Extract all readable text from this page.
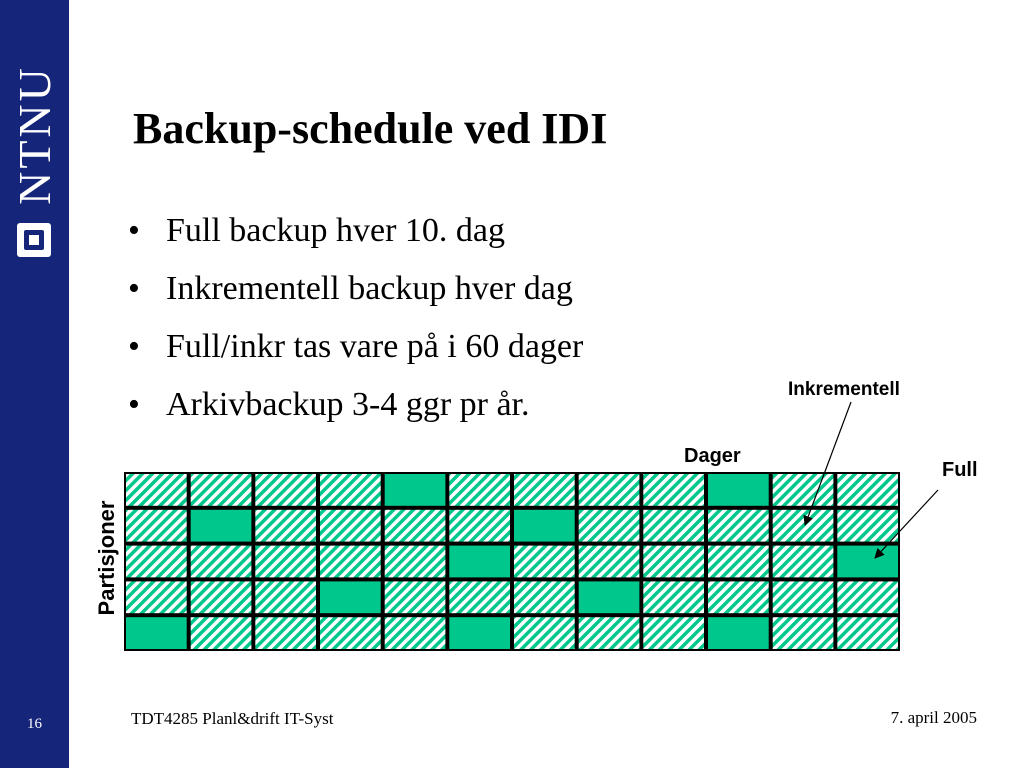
NTNU
16
Backup-schedule ved IDI
• Full backup hver 10. dag
• Inkrementell backup hver dag
• Full/inkr tas vare på i 60 dager
• Arkivbackup 3-4 ggr pr år.	Inkrementell
Full
Dager
Partisjoner
TDT4285 Planl&drift IT-Syst	7. april 2005
